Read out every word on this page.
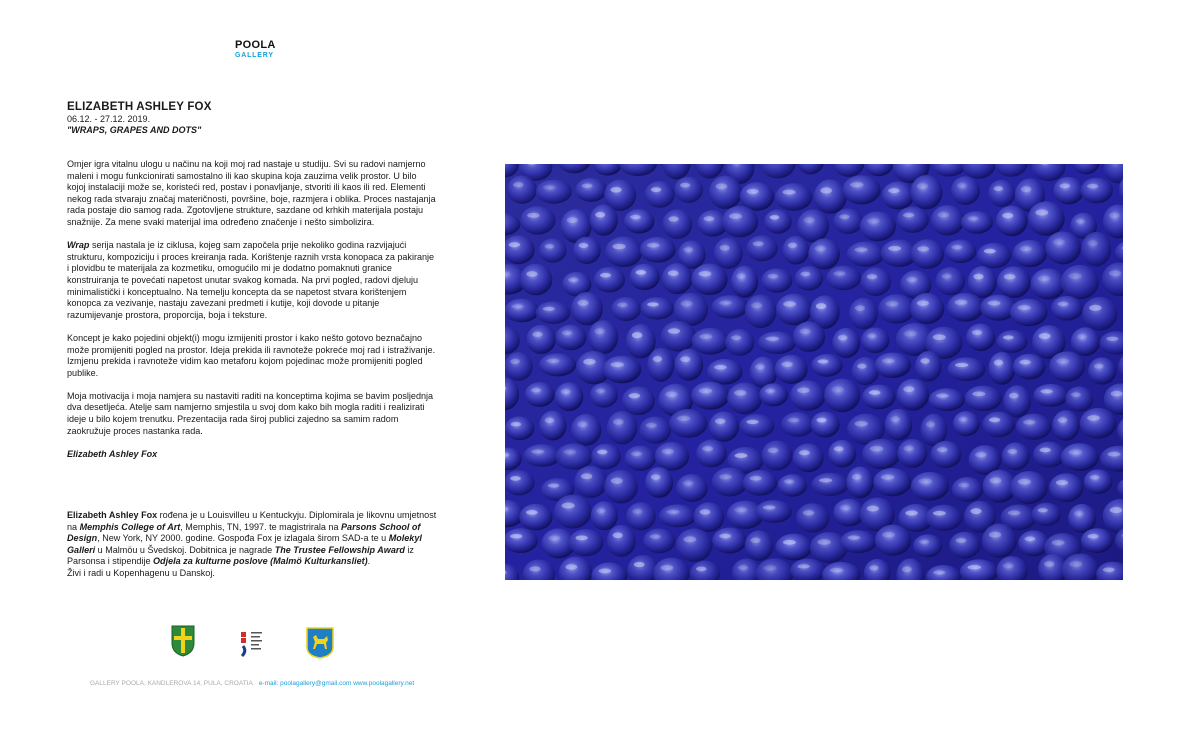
POOLA
GALLERY
ELIZABETH ASHLEY FOX
06.12. - 27.12. 2019.
"WRAPS, GRAPES AND DOTS"

Omjer igra vitalnu ulogu u načinu na koji moj rad nastaje u studiju. Svi su radovi namjerno maleni i mogu funkcionirati samostalno ili kao skupina koja zauzima velik prostor. U bilo kojoj instalaciji može se, koristeći red, postav i ponavljanje, stvoriti ili kaos ili red. Elementi nekog rada stvaraju značaj materičnosti, površine, boje, razmjera i oblika. Proces nastajanja rada postaje dio samog rada. Zgotovljene strukture, sazdane od krhkih materijala postaju snažnije. Za mene svaki materijal ima određeno značenje i nešto simbolizira.

Wrap serija nastala je iz ciklusa, kojeg sam započela prije nekoliko godina razvijajući strukturu, kompoziciju i proces kreiranja rada. Korištenje raznih vrsta konopaca za pakiranje i plovidbu te materijala za kozmetiku, omogućilo mi je dodatno pomaknuti granice konstruiranja te povećati napetost unutar svakog komada. Na prvi pogled, radovi djeluju minimalistički i konceptualno. Na temelju koncepta da se napetost stvara korištenjem konopca za vezivanje, nastaju zavezani predmeti i kutije, koji dovode u pitanje razumijevanje prostora, proporcija, boja i teksture.

Koncept je kako pojedini objekt(i) mogu izmijeniti prostor i kako nešto gotovo beznačajno može promijeniti pogled na prostor. Ideja prekida ili ravnoteže pokreće moj rad i istraživanje. Izmjenu prekida i ravnoteže vidim kao metaforu kojom pojedinac može promijeniti pogled publike.

Moja motivacija i moja namjera su nastaviti raditi na konceptima kojima se bavim posljednja dva desetljeća. Atelje sam namjerno smjestila u svoj dom kako bih mogla raditi i realizirati ideje u bilo kojem trenutku. Prezentacija rada široj publici zajedno sa samim radom zaokružuje proces nastanka rada.

Elizabeth Ashley Fox

Elizabeth Ashley Fox rođena je u Louisvilleu u Kentuckyju. Diplomirala je likovnu umjetnost na Memphis College of Art, Memphis, TN, 1997. te magistrirala na Parsons School of Design, New York, NY 2000. godine. Gospođa Fox je izlagala širom SAD-a te u Molekyl Galleri u Malmöu u Švedskoj. Dobitnica je nagrade The Trustee Fellowship Award iz Parsonsa i stipendije Odjela za kulturne poslove (Malmö Kulturkansliet).
Živi i radi u Kopenhagenu u Danskoj.
GALLERY POOLA, KANDLEROVA 14, PULA, CROATIA e-mail: poolagallery@gmail.com www.poolagallery.net
